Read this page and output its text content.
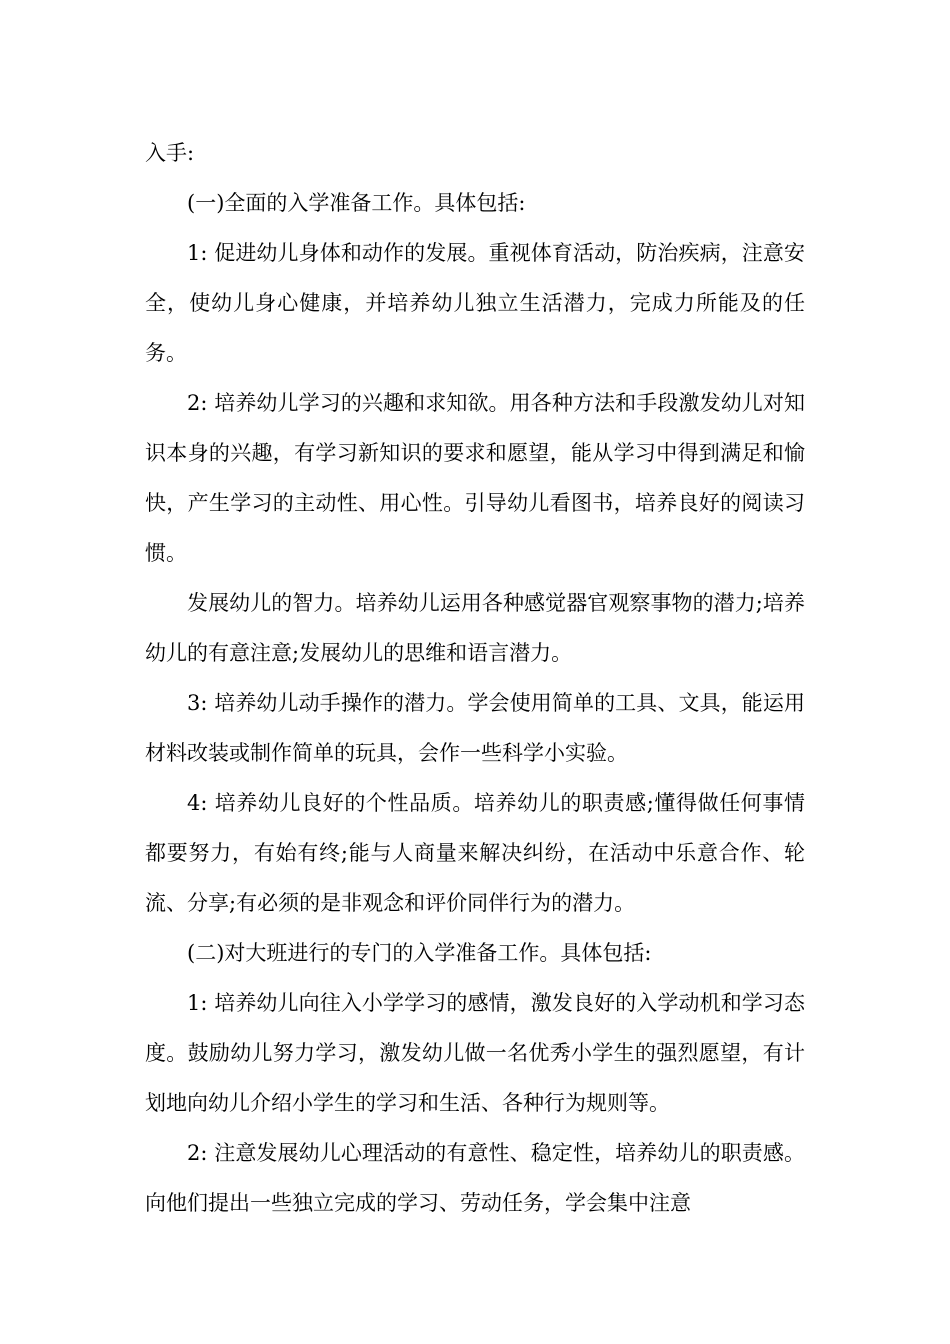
入手:

(一)全面的入学准备工作。具体包括:

1: 促进幼儿身体和动作的发展。重视体育活动，防治疾病，注意安全，使幼儿身心健康，并培养幼儿独立生活潜力，完成力所能及的任务。

2: 培养幼儿学习的兴趣和求知欲。用各种方法和手段激发幼儿对知识本身的兴趣，有学习新知识的要求和愿望，能从学习中得到满足和愉快，产生学习的主动性、用心性。引导幼儿看图书，培养良好的阅读习惯。

发展幼儿的智力。培养幼儿运用各种感觉器官观察事物的潜力;培养幼儿的有意注意;发展幼儿的思维和语言潜力。

3: 培养幼儿动手操作的潜力。学会使用简单的工具、文具，能运用材料改装或制作简单的玩具，会作一些科学小实验。

4: 培养幼儿良好的个性品质。培养幼儿的职责感;懂得做任何事情都要努力，有始有终;能与人商量来解决纠纷，在活动中乐意合作、轮流、分享;有必须的是非观念和评价同伴行为的潜力。

(二)对大班进行的专门的入学准备工作。具体包括:

1: 培养幼儿向往入小学学习的感情，激发良好的入学动机和学习态度。鼓励幼儿努力学习，激发幼儿做一名优秀小学生的强烈愿望，有计划地向幼儿介绍小学生的学习和生活、各种行为规则等。

2: 注意发展幼儿心理活动的有意性、稳定性，培养幼儿的职责感。向他们提出一些独立完成的学习、劳动任务，学会集中注意
